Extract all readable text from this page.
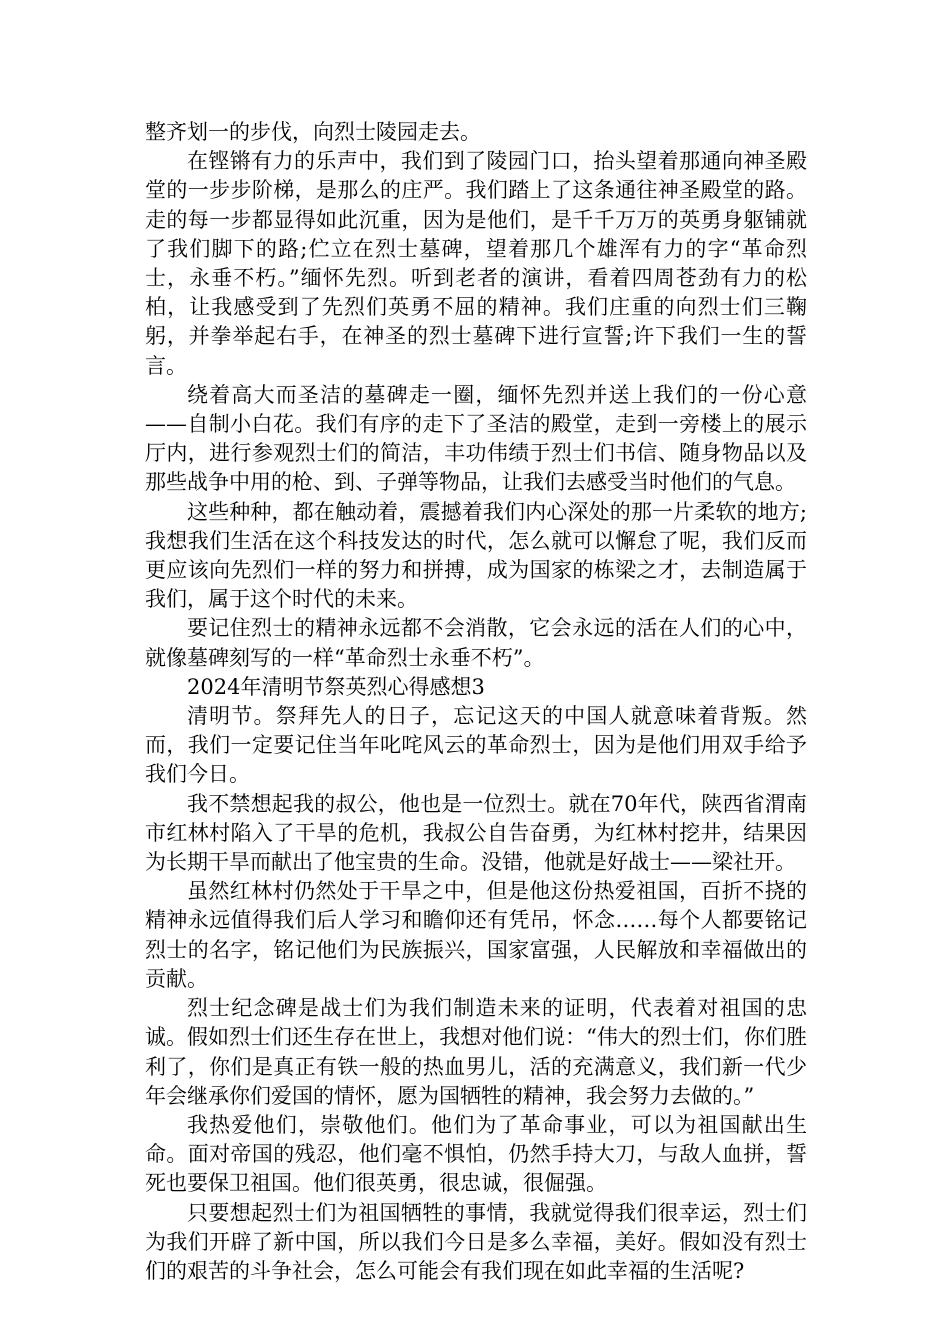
整齐划一的步伐，向烈士陵园走去。

在铿锵有力的乐声中，我们到了陵园门口，抬头望着那通向神圣殿堂的一步步阶梯，是那么的庄严。我们踏上了这条通往神圣殿堂的路。走的每一步都显得如此沉重，因为是他们，是千千万万的英勇身躯铺就了我们脚下的路;伫立在烈士墓碑，望着那几个雄浑有力的字“革命烈士，永垂不朽。”缅怀先烈。听到老者的演讲，看着四周苍劲有力的松柏，让我感受到了先烈们英勇不屈的精神。我们庄重的向烈士们三鞠躬，并拳举起右手，在神圣的烈士墓碑下进行宣誓;许下我们一生的誓言。

绕着高大而圣洁的墓碑走一圈，缅怀先烈并送上我们的一份心意——自制小白花。我们有序的走下了圣洁的殿堂，走到一旁楼上的展示厅内，进行参观烈士们的简洁，丰功伟绩于烈士们书信、随身物品以及那些战争中用的枪、到、子弹等物品，让我们去感受当时他们的气息。

这些种种，都在触动着，震撼着我们内心深处的那一片柔软的地方;我想我们生活在这个科技发达的时代，怎么就可以懈怠了呢，我们反而更应该向先烈们一样的努力和拼搏，成为国家的栋梁之才，去制造属于我们，属于这个时代的未来。

要记住烈士的精神永远都不会消散，它会永远的活在人们的心中，就像墓碑刻写的一样“革命烈士永垂不朽”。

2024年清明节祭英烈心得感想3

清明节。祭拜先人的日子，忘记这天的中国人就意味着背叛。然而，我们一定要记住当年叱咤风云的革命烈士，因为是他们用双手给予我们今日。

我不禁想起我的叔公，他也是一位烈士。就在70年代，陕西省渭南市红林村陷入了干旱的危机，我叔公自告奋勇，为红林村挖井，结果因为长期干旱而献出了他宝贵的生命。没错，他就是好战士——梁社开。

虽然红林村仍然处于干旱之中，但是他这份热爱祖国，百折不挠的精神永远值得我们后人学习和瞻仰还有凭吊，怀念……每个人都要铭记烈士的名字，铭记他们为民族振兴，国家富强，人民解放和幸福做出的贡献。

烈士纪念碑是战士们为我们制造未来的证明，代表着对祖国的忠诚。假如烈士们还生存在世上，我想对他们说：“伟大的烈士们，你们胜利了，你们是真正有铁一般的热血男儿，活的充满意义，我们新一代少年会继承你们爱国的情怀，愿为国牺牲的精神，我会努力去做的。”

我热爱他们，崇敬他们。他们为了革命事业，可以为祖国献出生命。面对帝国的残忍，他们毫不惧怕，仍然手持大刀，与敌人血拼，誓死也要保卫祖国。他们很英勇，很忠诚，很倔强。

只要想起烈士们为祖国牺牲的事情，我就觉得我们很幸运，烈士们为我们开辟了新中国，所以我们今日是多么幸福，美好。假如没有烈士们的艰苦的斗争社会，怎么可能会有我们现在如此幸福的生活呢?
